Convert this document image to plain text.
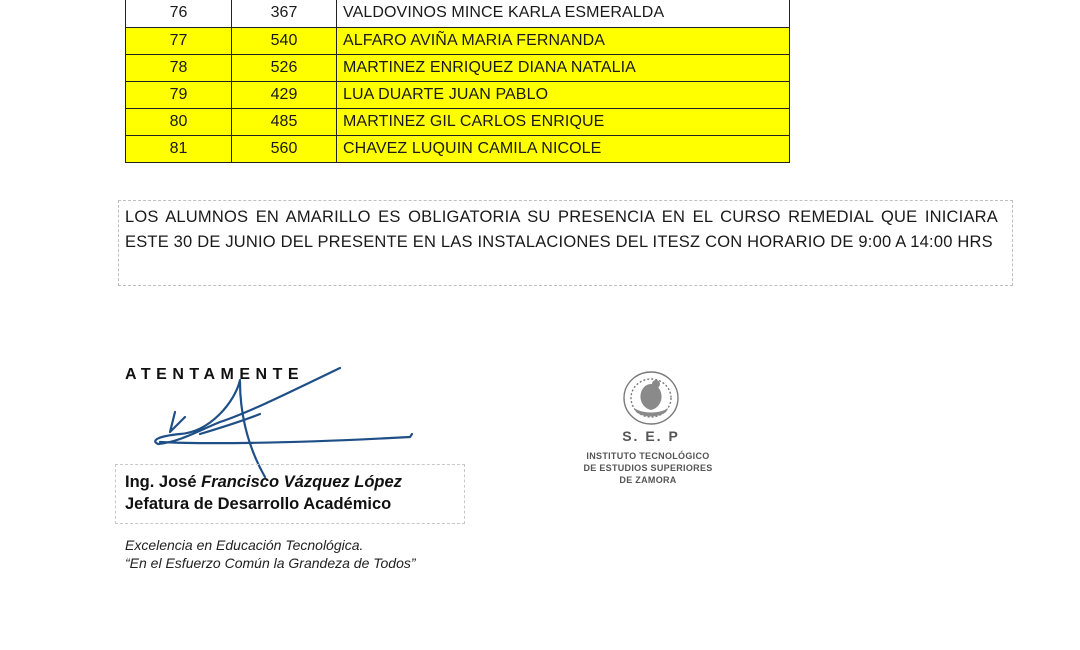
76	367	VALDOVINOS MINCE KARLA ESMERALDA
77	540	ALFARO AVIÑA MARIA FERNANDA
78	526	MARTINEZ ENRIQUEZ DIANA NATALIA
79	429	LUA DUARTE JUAN PABLO
80	485	MARTINEZ GIL CARLOS ENRIQUE
81	560	CHAVEZ LUQUIN CAMILA NICOLE
LOS ALUMNOS EN AMARILLO ES OBLIGATORIA SU PRESENCIA EN EL CURSO REMEDIAL QUE INICIARA ESTE 30 DE JUNIO DEL PRESENTE EN LAS INSTALACIONES DEL ITESZ CON HORARIO DE 9:00 A 14:00 HRS
ATENTAMENTE
Ing. José Francisco Vázquez López
Jefatura de Desarrollo Académico
Excelencia en Educación Tecnológica.
“En el Esfuerzo Común la Grandeza de Todos”
S. E. P
INSTITUTO TECNOLÓGICO
DE ESTUDIOS SUPERIORES
DE ZAMORA
